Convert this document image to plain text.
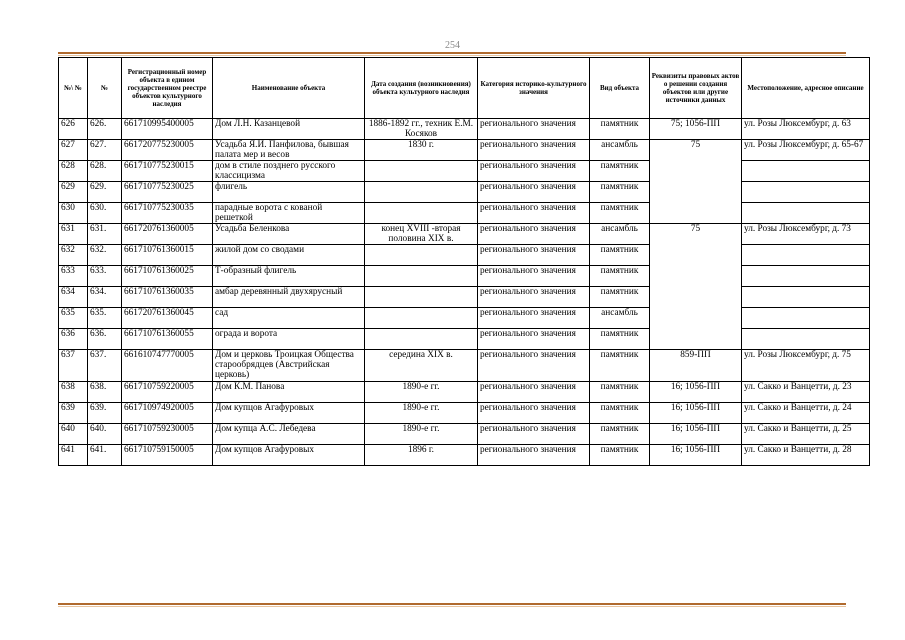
254
№\ №	№	Регистрационный номер объекта в едином государственном реестре объектов культурного наследия	Наименование объекта	Дата создания (возникновения) объекта культурного наследия	Категория историко-культурного значения	Вид объекта	Реквизиты правовых актов о решении создания объектов или другие источники данных	Местоположение, адресное описание
626	626.	661710995400005	Дом Л.Н. Казанцевой	1886-1892 гг., техник Е.М. Косяков	регионального значения	памятник	75; 1056-ПП	ул. Розы Люксембург, д. 63
627	627.	661720775230005	Усадьба Я.И. Панфилова, бывшая палата мер и весов	1830 г.	регионального значения	ансамбль	75	ул. Розы Люксембург, д. 65-67
628	628.	661710775230015	дом в стиле позднего русского классицизма		регионального значения	памятник		
629	629.	661710775230025	флигель		регионального значения	памятник		
630	630.	661710775230035	парадные ворота с кованой решеткой		регионального значения	памятник		
631	631.	661720761360005	Усадьба Беленкова	конец XVIII -вторая половина XIX в.	регионального значения	ансамбль	75	ул. Розы Люксембург, д. 73
632	632.	661710761360015	жилой дом со сводами		регионального значения	памятник		
633	633.	661710761360025	Т-образный флигель		регионального значения	памятник		
634	634.	661710761360035	амбар деревянный двухярусный		регионального значения	памятник		
635	635.	661720761360045	сад		регионального значения	ансамбль		
636	636.	661710761360055	ограда и ворота		регионального значения	памятник		
637	637.	661610747770005	Дом и церковь Троицкая Общества старообрядцев (Австрийская церковь)	середина XIX в.	регионального значения	памятник	859-ПП	ул. Розы Люксембург, д. 75
638	638.	661710759220005	Дом К.М. Панова	1890-е гг.	регионального значения	памятник	16; 1056-ПП	ул. Сакко и Ванцетти, д. 23
639	639.	661710974920005	Дом купцов Агафуровых	1890-е гг.	регионального значения	памятник	16; 1056-ПП	ул. Сакко и Ванцетти, д. 24
640	640.	661710759230005	Дом купца А.С. Лебедева	1890-е гг.	регионального значения	памятник	16; 1056-ПП	ул. Сакко и Ванцетти, д. 25
641	641.	661710759150005	Дом купцов Агафуровых	1896 г.	регионального значения	памятник	16; 1056-ПП	ул. Сакко и Ванцетти, д. 28
